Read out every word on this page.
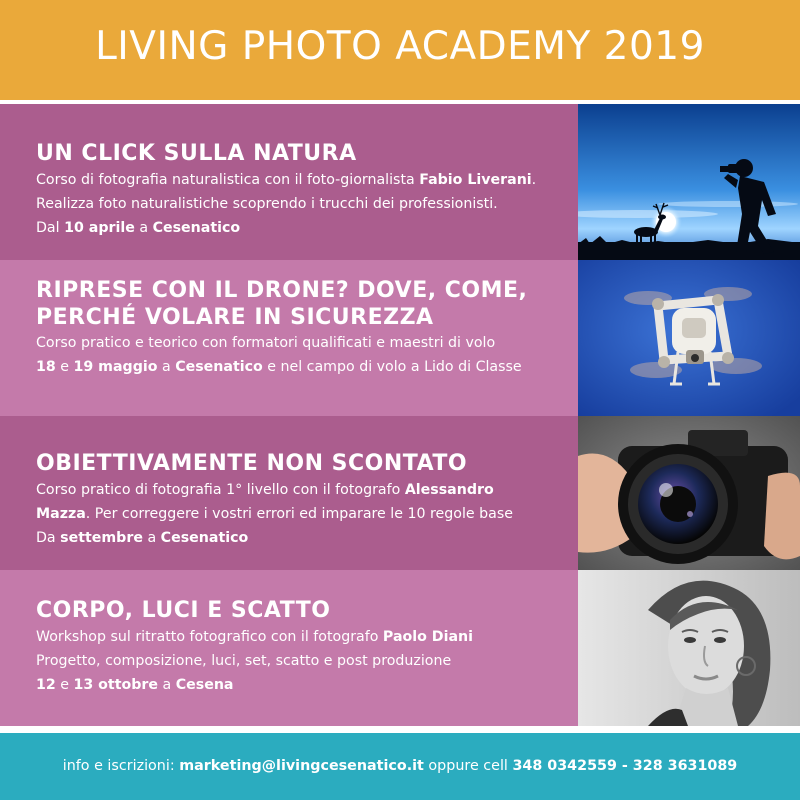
LIVING PHOTO ACADEMY 2019

UN CLICK SULLA NATURA

Corso di fotografia naturalistica con il foto-giornalista Fabio Liverani.

Realizza foto naturalistiche scoprendo i trucchi dei professionisti.

Dal 10 aprile a Cesenatico

RIPRESE CON IL DRONE? DOVE, COME, PERCHÉ VOLARE IN SICUREZZA

Corso pratico e teorico con formatori qualificati e maestri di volo

18 e 19 maggio a Cesenatico e nel campo di volo a Lido di Classe

OBIETTIVAMENTE NON SCONTATO

Corso pratico di fotografia 1° livello con il fotografo Alessandro

Mazza. Per correggere i vostri errori ed imparare le 10 regole base

Da settembre a Cesenatico

CORPO, LUCI E SCATTO

Workshop sul ritratto fotografico con il fotografo Paolo Diani

Progetto, composizione, luci, set, scatto e post produzione

12 e 13 ottobre a Cesena

info e iscrizioni: marketing@livingcesenatico.it oppure cell 348 0342559 - 328 3631089
